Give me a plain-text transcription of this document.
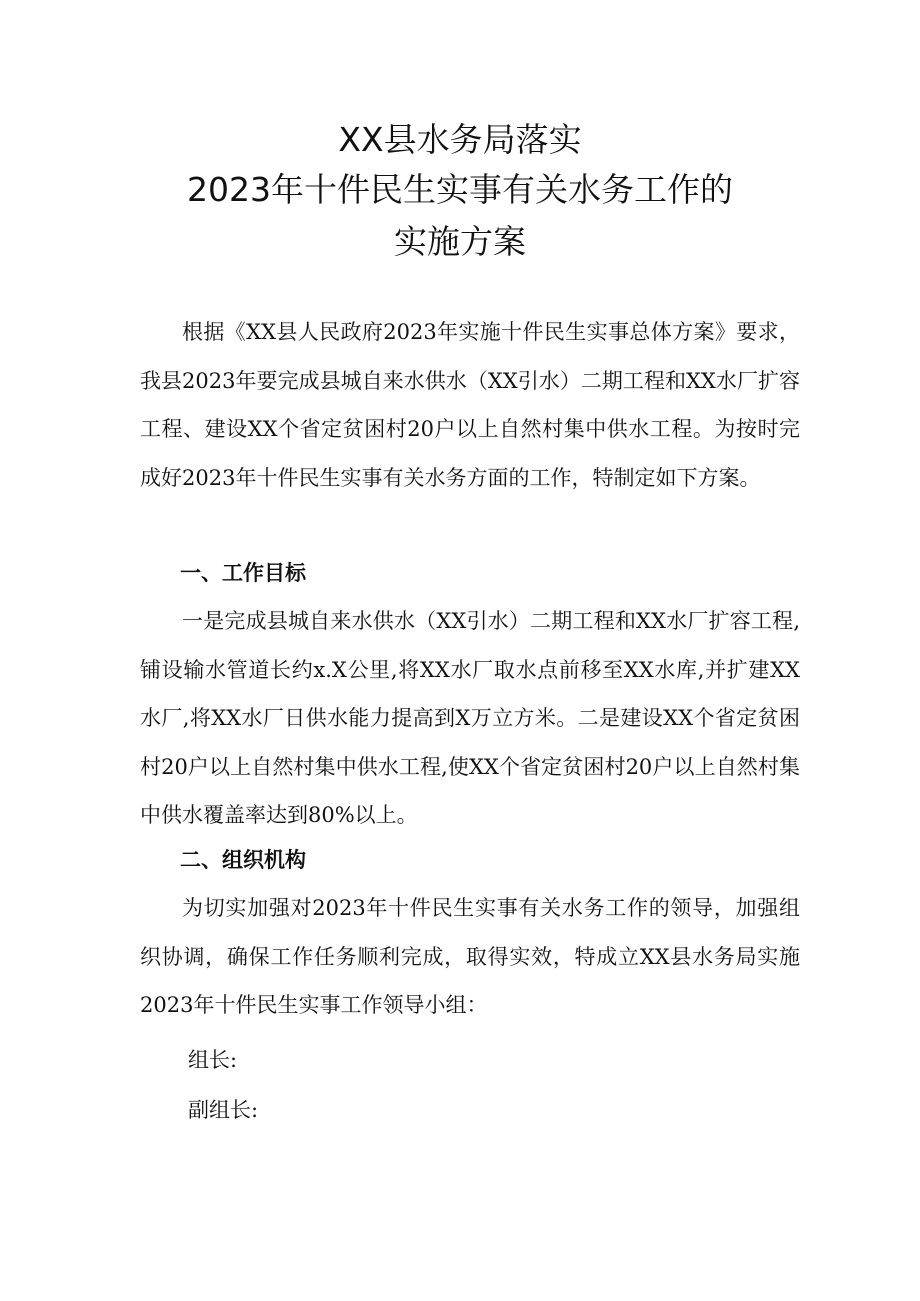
XX县水务局落实
2023年十件民生实事有关水务工作的
实施方案

根据《XX县人民政府2023年实施十件民生实事总体方案》要求，我县2023年要完成县城自来水供水（XX引水）二期工程和XX水厂扩容工程、建设XX个省定贫困村20户以上自然村集中供水工程。为按时完成好2023年十件民生实事有关水务方面的工作，特制定如下方案。

一、工作目标

一是完成县城自来水供水（XX引水）二期工程和XX水厂扩容工程,铺设输水管道长约x.X公里,将XX水厂取水点前移至XX水库,并扩建XX水厂,将XX水厂日供水能力提高到X万立方米。二是建设XX个省定贫困村20户以上自然村集中供水工程,使XX个省定贫困村20户以上自然村集中供水覆盖率达到80%以上。

二、组织机构

为切实加强对2023年十件民生实事有关水务工作的领导，加强组织协调，确保工作任务顺利完成，取得实效，特成立XX县水务局实施2023年十件民生实事工作领导小组：

组长:

副组长:
